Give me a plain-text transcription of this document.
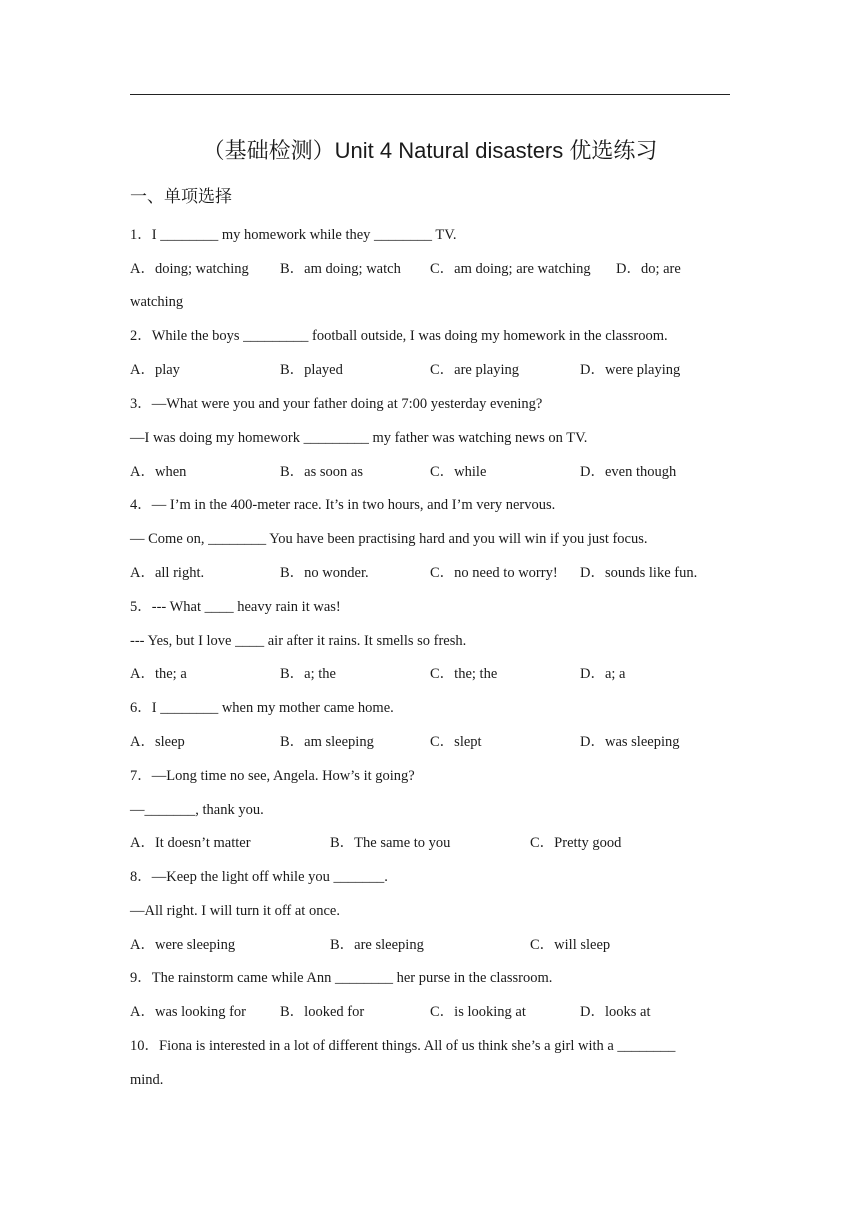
（基础检测）Unit 4 Natural disasters 优选练习
一、单项选择
1．I ________ my homework while they ________ TV.
A．doing; watching B．am doing; watch C．am doing; are watching D．do; are
watching
2．While the boys _________ football outside, I was doing my homework in the classroom.
A．play	B．played	C．are playing	D．were playing
3．—What were you and your father doing at 7:00 yesterday evening?
—I was doing my homework _________ my father was watching news on TV.
A．when	B．as soon as	C．while	D．even though
4．— I’m in the 400-meter race. It’s in two hours, and I’m very nervous.
— Come on, ________ You have been practising hard and you will win if you just focus.
A．all right.	B．no wonder.	C．no need to worry! D．sounds like fun.
5．--- What ____ heavy rain it was!
--- Yes, but I love ____ air after it rains. It smells so fresh.
A．the; a	B．a; the	C．the; the	D．a; a
6．I ________ when my mother came home.
A．sleep	B．am sleeping	C．slept	D．was sleeping
7．—Long time no see, Angela. How’s it going?
—_______, thank you.
A．It doesn’t matter	B．The same to you	C．Pretty good
8．—Keep the light off while you _______.
—All right. I will turn it off at once.
A．were sleeping	B．are sleeping	C．will sleep
9．The rainstorm came while Ann ________ her purse in the classroom.
A．was looking for B．looked for	C．is looking at	D．looks at
10．Fiona is interested in a lot of different things. All of us think she’s a girl with a ________
mind.
